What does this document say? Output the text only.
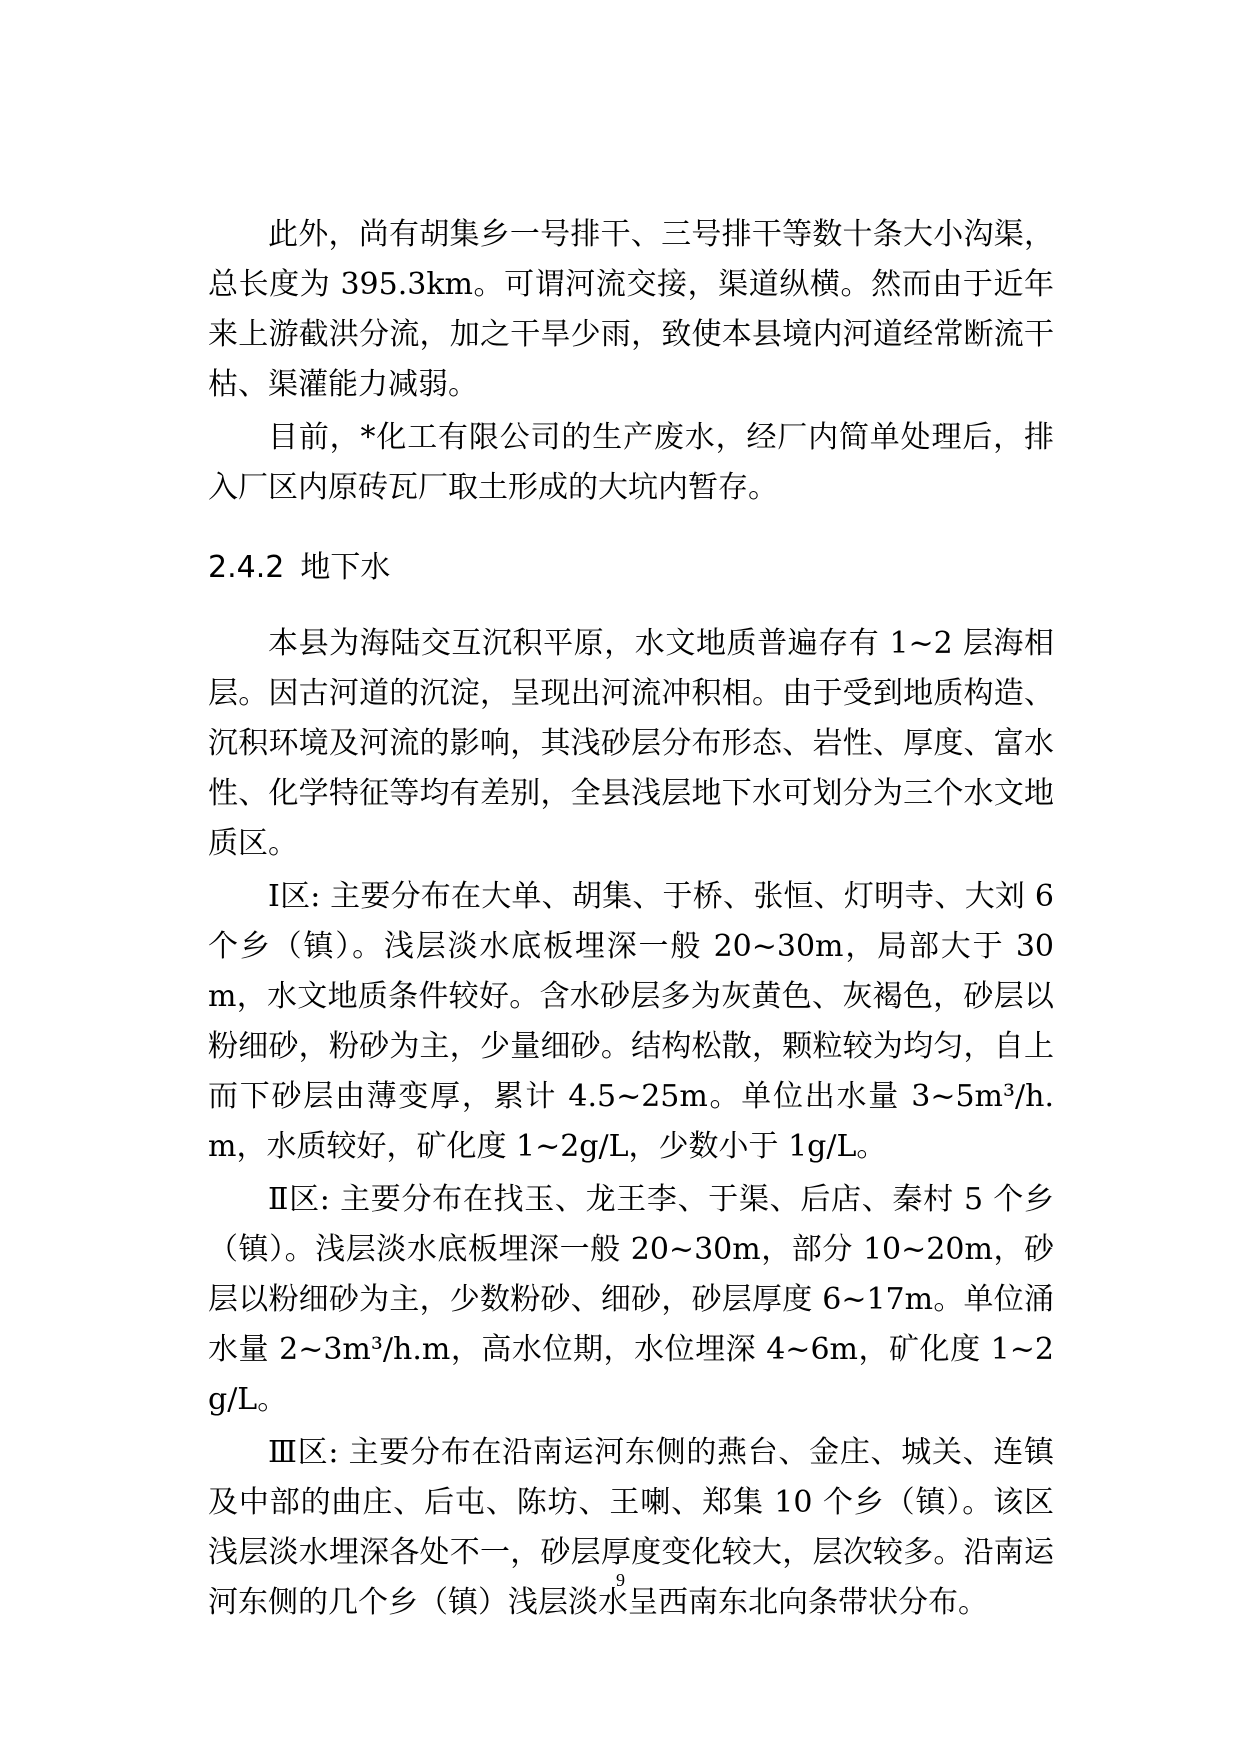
此外，尚有胡集乡一号排干、三号排干等数十条大小沟渠，总长度为 395.3km。可谓河流交接，渠道纵横。然而由于近年来上游截洪分流，加之干旱少雨，致使本县境内河道经常断流干枯、渠灌能力减弱。

目前，*化工有限公司的生产废水，经厂内简单处理后，排入厂区内原砖瓦厂取土形成的大坑内暂存。

2.4.2 地下水

本县为海陆交互沉积平原，水文地质普遍存有 1~2 层海相层。因古河道的沉淀，呈现出河流冲积相。由于受到地质构造、沉积环境及河流的影响，其浅砂层分布形态、岩性、厚度、富水性、化学特征等均有差别，全县浅层地下水可划分为三个水文地质区。

Ⅰ区: 主要分布在大单、胡集、于桥、张恒、灯明寺、大刘 6 个乡（镇）。浅层淡水底板埋深一般 20~30m，局部大于 30m，水文地质条件较好。含水砂层多为灰黄色、灰褐色，砂层以粉细砂，粉砂为主，少量细砂。结构松散，颗粒较为均匀，自上而下砂层由薄变厚，累计 4.5~25m。单位出水量 3~5m³/h.m，水质较好，矿化度 1~2g/L，少数小于 1g/L。

Ⅱ区: 主要分布在找玉、龙王李、于渠、后店、秦村 5 个乡（镇）。浅层淡水底板埋深一般 20~30m，部分 10~20m，砂层以粉细砂为主，少数粉砂、细砂，砂层厚度 6~17m。单位涌水量 2~3m³/h.m，高水位期，水位埋深 4~6m，矿化度 1~2g/L。

Ⅲ区: 主要分布在沿南运河东侧的燕台、金庄、城关、连镇及中部的曲庄、后屯、陈坊、王喇、郑集 10 个乡（镇）。该区浅层淡水埋深各处不一，砂层厚度变化较大，层次较多。沿南运河东侧的几个乡（镇）浅层淡水呈西南东北向条带状分布。

9
